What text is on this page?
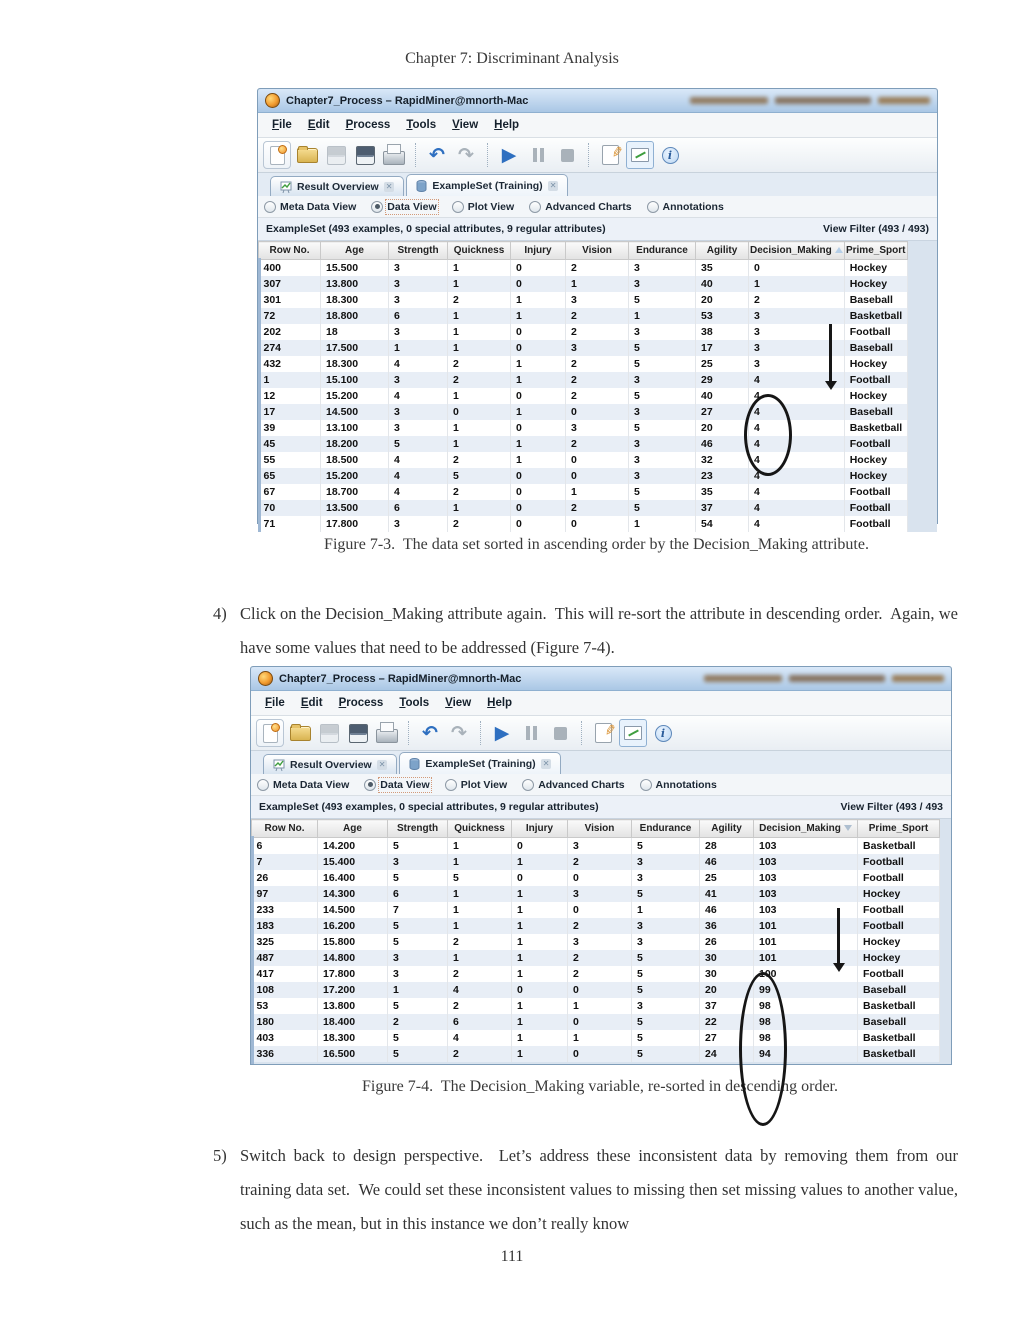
Chapter 7: Discriminant Analysis
Chapter7_Process – RapidMiner@mnorth-Mac
File	Edit	Process	Tools	View	Help
↶ ↷ ▶
✎
i
Result Overview ✕	ExampleSet (Training) ✕
Meta Data View	Data View	Plot View	Advanced Charts	Annotations
ExampleSet (493 examples, 0 special attributes, 9 regular attributes)	View Filter (493 / 493)
Row No.	Age	Strength	Quickness	Injury	Vision	Endurance	Agility	Decision_Making	Prime_Sport
400	15.500	3	1	0	2	3	35	0	Hockey
307	13.800	3	1	0	1	3	40	1	Hockey
301	18.300	3	2	1	3	5	20	2	Baseball
72	18.800	6	1	1	2	1	53	3	Basketball
202	18	3	1	0	2	3	38	3	Football
274	17.500	1	1	0	3	5	17	3	Baseball
432	18.300	4	2	1	2	5	25	3	Hockey
1	15.100	3	2	1	2	3	29	4	Football
12	15.200	4	1	0	2	5	40	4	Hockey
17	14.500	3	0	1	0	3	27	4	Baseball
39	13.100	3	1	0	3	5	20	4	Basketball
45	18.200	5	1	1	2	3	46	4	Football
55	18.500	4	2	1	0	3	32	4	Hockey
65	15.200	4	5	0	0	3	23	4	Hockey
67	18.700	4	2	0	1	5	35	4	Football
70	13.500	6	1	0	2	5	37	4	Football
71	17.800	3	2	0	0	1	54	4	Football
Figure 7-3.  The data set sorted in ascending order by the Decision_Making attribute.
4) Click on the Decision_Making attribute again.  This will re-sort the attribute in descending order.  Again, we have some values that need to be addressed (Figure 7-4).
Chapter7_Process – RapidMiner@mnorth-Mac
File	Edit	Process	Tools	View	Help
↶ ↷ ▶
✎
i
Result Overview ✕	ExampleSet (Training) ✕
Meta Data View	Data View	Plot View	Advanced Charts	Annotations
ExampleSet (493 examples, 0 special attributes, 9 regular attributes)	View Filter (493 / 493
Row No.	Age	Strength	Quickness	Injury	Vision	Endurance	Agility	Decision_Making	Prime_Sport
6	14.200	5	1	0	3	5	28	103	Basketball
7	15.400	3	1	1	2	3	46	103	Football
26	16.400	5	5	0	0	3	25	103	Football
97	14.300	6	1	1	3	5	41	103	Hockey
233	14.500	7	1	1	0	1	46	103	Football
183	16.200	5	1	1	2	3	36	101	Football
325	15.800	5	2	1	3	3	26	101	Hockey
487	14.800	3	1	1	2	5	30	101	Hockey
417	17.800	3	2	1	2	5	30	100	Football
108	17.200	1	4	0	0	5	20	99	Baseball
53	13.800	5	2	1	1	3	37	98	Basketball
180	18.400	2	6	1	0	5	22	98	Baseball
403	18.300	5	4	1	1	5	27	98	Basketball
336	16.500	5	2	1	0	5	24	94	Basketball
Figure 7-4.  The Decision_Making variable, re-sorted in descending order.
5) Switch back to design perspective.  Let’s address these inconsistent data by removing them from our training data set.  We could set these inconsistent values to missing then set missing values to another value, such as the mean, but in this instance we don’t really know
111
